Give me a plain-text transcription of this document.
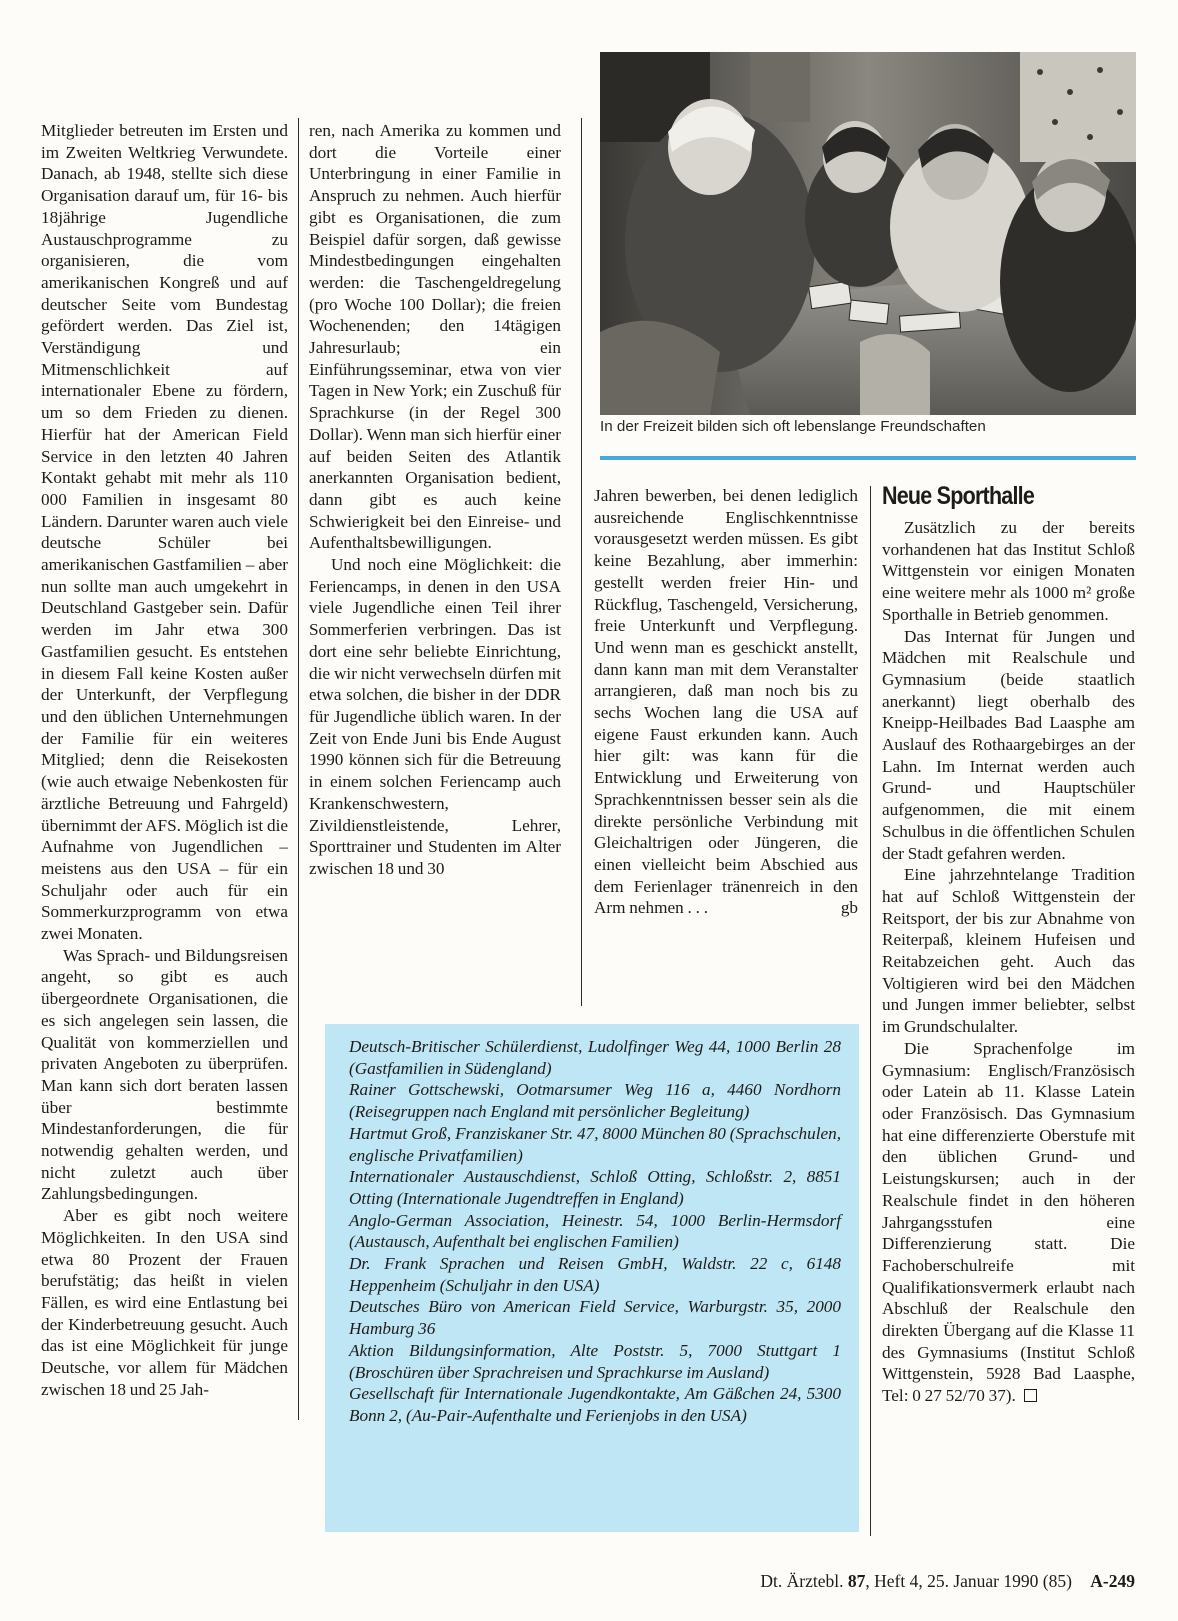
Mitglieder betreuten im Ersten und im Zweiten Weltkrieg Verwundete. Danach, ab 1948, stellte sich diese Organisation darauf um, für 16- bis 18jährige Jugendliche Austauschprogramme zu organisieren, die vom amerikanischen Kongreß und auf deutscher Seite vom Bundestag gefördert werden. Das Ziel ist, Verständigung und Mitmenschlichkeit auf internationaler Ebene zu fördern, um so dem Frieden zu dienen. Hierfür hat der American Field Service in den letzten 40 Jahren Kontakt gehabt mit mehr als 110 000 Familien in insgesamt 80 Ländern. Darunter waren auch viele deutsche Schüler bei amerikanischen Gastfamilien – aber nun sollte man auch umgekehrt in Deutschland Gastgeber sein. Dafür werden im Jahr etwa 300 Gastfamilien gesucht. Es entstehen in diesem Fall keine Kosten außer der Unterkunft, der Verpflegung und den üblichen Unternehmungen der Familie für ein weiteres Mitglied; denn die Reisekosten (wie auch etwaige Nebenkosten für ärztliche Betreuung und Fahrgeld) übernimmt der AFS. Möglich ist die Aufnahme von Jugendlichen – meistens aus den USA – für ein Schuljahr oder auch für ein Sommerkurzprogramm von etwa zwei Monaten.

Was Sprach- und Bildungsreisen angeht, so gibt es auch übergeordnete Organisationen, die es sich angelegen sein lassen, die Qualität von kommerziellen und privaten Angeboten zu überprüfen. Man kann sich dort beraten lassen über bestimmte Mindestanforderungen, die für notwendig gehalten werden, und nicht zuletzt auch über Zahlungsbedingungen.

Aber es gibt noch weitere Möglichkeiten. In den USA sind etwa 80 Prozent der Frauen berufstätig; das heißt in vielen Fällen, es wird eine Entlastung bei der Kinderbetreuung gesucht. Auch das ist eine Möglichkeit für junge Deutsche, vor allem für Mädchen zwischen 18 und 25 Jah-

ren, nach Amerika zu kommen und dort die Vorteile einer Unterbringung in einer Familie in Anspruch zu nehmen. Auch hierfür gibt es Organisationen, die zum Beispiel dafür sorgen, daß gewisse Mindestbedingungen eingehalten werden: die Taschengeldregelung (pro Woche 100 Dollar); die freien Wochenenden; den 14tägigen Jahresurlaub; ein Einführungsseminar, etwa von vier Tagen in New York; ein Zuschuß für Sprachkurse (in der Regel 300 Dollar). Wenn man sich hierfür einer auf beiden Seiten des Atlantik anerkannten Organisation bedient, dann gibt es auch keine Schwierigkeit bei den Einreise- und Aufenthaltsbewilligungen.

Und noch eine Möglichkeit: die Feriencamps, in denen in den USA viele Jugendliche einen Teil ihrer Sommerferien verbringen. Das ist dort eine sehr beliebte Einrichtung, die wir nicht verwechseln dürfen mit etwa solchen, die bisher in der DDR für Jugendliche üblich waren. In der Zeit von Ende Juni bis Ende August 1990 können sich für die Betreuung in einem solchen Feriencamp auch Krankenschwestern, Zivildienstleistende, Lehrer, Sporttrainer und Studenten im Alter zwischen 18 und 30

In der Freizeit bilden sich oft lebenslange Freundschaften

Jahren bewerben, bei denen lediglich ausreichende Englischkenntnisse vorausgesetzt werden müssen. Es gibt keine Bezahlung, aber immerhin: gestellt werden freier Hin- und Rückflug, Taschengeld, Versicherung, freie Unterkunft und Verpflegung. Und wenn man es geschickt anstellt, dann kann man mit dem Veranstalter arrangieren, daß man noch bis zu sechs Wochen lang die USA auf eigene Faust erkunden kann. Auch hier gilt: was kann für die Entwicklung und Erweiterung von Sprachkenntnissen besser sein als die direkte persönliche Verbindung mit Gleichaltrigen oder Jüngeren, die einen vielleicht beim Abschied aus dem Ferienlager tränenreich in den Arm nehmen . . .	gb

Neue Sporthalle

Zusätzlich zu der bereits vorhandenen hat das Institut Schloß Wittgenstein vor einigen Monaten eine weitere mehr als 1000 m² große Sporthalle in Betrieb genommen.

Das Internat für Jungen und Mädchen mit Realschule und Gymnasium (beide staatlich anerkannt) liegt oberhalb des Kneipp-Heilbades Bad Laasphe am Auslauf des Rothaargebirges an der Lahn. Im Internat werden auch Grund- und Hauptschüler aufgenommen, die mit einem Schulbus in die öffentlichen Schulen der Stadt gefahren werden.

Eine jahrzehntelange Tradition hat auf Schloß Wittgenstein der Reitsport, der bis zur Abnahme von Reiterpaß, kleinem Hufeisen und Reitabzeichen geht. Auch das Voltigieren wird bei den Mädchen und Jungen immer beliebter, selbst im Grundschulalter.

Die Sprachenfolge im Gymnasium: Englisch/Französisch oder Latein ab 11. Klasse Latein oder Französisch. Das Gymnasium hat eine differenzierte Oberstufe mit den üblichen Grund- und Leistungskursen; auch in der Realschule findet in den höheren Jahrgangsstufen eine Differenzierung statt. Die Fachoberschulreife mit Qualifikationsvermerk erlaubt nach Abschluß der Realschule den direkten Übergang auf die Klasse 11 des Gymnasiums (Institut Schloß Wittgenstein, 5928 Bad Laasphe, Tel: 0 27 52/70 37).

Deutsch-Britischer Schülerdienst, Ludolfinger Weg 44, 1000 Berlin 28 (Gastfamilien in Südengland)

Rainer Gottschewski, Ootmarsumer Weg 116 a, 4460 Nordhorn (Reisegruppen nach England mit persönlicher Begleitung)

Hartmut Groß, Franziskaner Str. 47, 8000 München 80 (Sprachschulen, englische Privatfamilien)

Internationaler Austauschdienst, Schloß Otting, Schloßstr. 2, 8851 Otting (Internationale Jugendtreffen in England)

Anglo-German Association, Heinestr. 54, 1000 Berlin-Hermsdorf (Austausch, Aufenthalt bei englischen Familien)

Dr. Frank Sprachen und Reisen GmbH, Waldstr. 22 c, 6148 Heppenheim (Schuljahr in den USA)

Deutsches Büro von American Field Service, Warburgstr. 35, 2000 Hamburg 36

Aktion Bildungsinformation, Alte Poststr. 5, 7000 Stuttgart 1 (Broschüren über Sprachreisen und Sprachkurse im Ausland)

Gesellschaft für Internationale Jugendkontakte, Am Gäßchen 24, 5300 Bonn 2, (Au-Pair-Aufenthalte und Ferienjobs in den USA)

Dt. Ärztebl. 87, Heft 4, 25. Januar 1990 (85) A-249
